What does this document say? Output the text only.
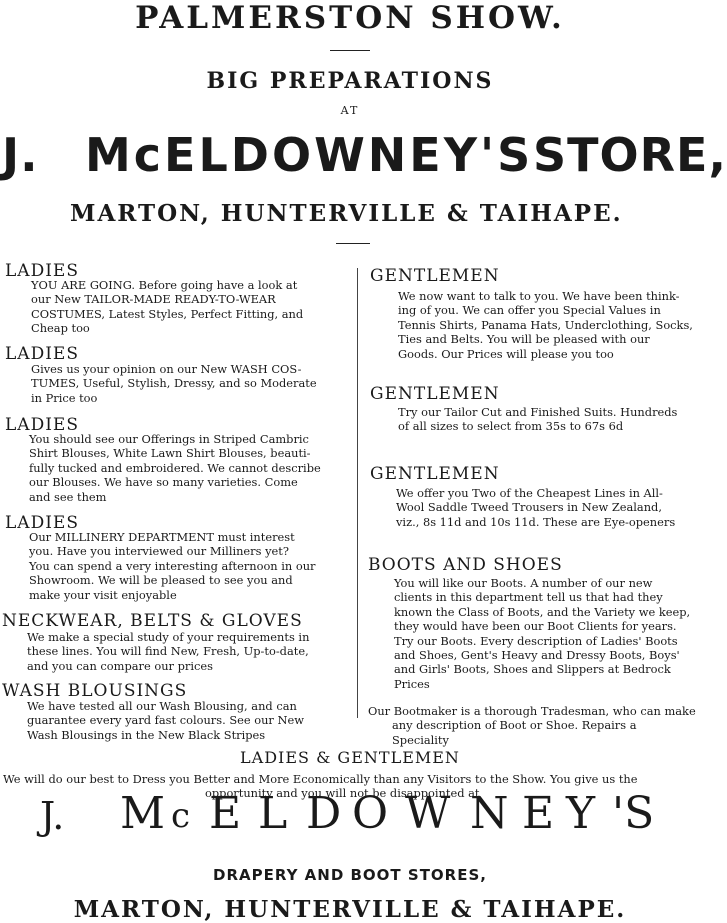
PALMERSTON SHOW.
BIG PREPARATIONS
AT
J. McELDOWNEY'S STORE,
MARTON, HUNTERVILLE & TAIHAPE.
LADIES
YOU ARE GOING. Before going have a look at
our New TAILOR-MADE READY-TO-WEAR
COSTUMES, Latest Styles, Perfect Fitting, and
Cheap too
LADIES
Gives us your opinion on our New WASH COS-
TUMES, Useful, Stylish, Dressy, and so Moderate
in Price too
LADIES
You should see our Offerings in Striped Cambric
Shirt Blouses, White Lawn Shirt Blouses, beauti-
fully tucked and embroidered. We cannot describe
our Blouses. We have so many varieties. Come
and see them
LADIES
Our MILLINERY DEPARTMENT must interest
you. Have you interviewed our Milliners yet?
You can spend a very interesting afternoon in our
Showroom. We will be pleased to see you and
make your visit enjoyable
NECKWEAR, BELTS & GLOVES
We make a special study of your requirements in
these lines. You will find New, Fresh, Up-to-date,
and you can compare our prices
WASH BLOUSINGS
We have tested all our Wash Blousing, and can
guarantee every yard fast colours. See our New
Wash Blousings in the New Black Stripes
GENTLEMEN
We now want to talk to you. We have been think-
ing of you. We can offer you Special Values in
Tennis Shirts, Panama Hats, Underclothing, Socks,
Ties and Belts. You will be pleased with our
Goods. Our Prices will please you too
GENTLEMEN
Try our Tailor Cut and Finished Suits. Hundreds
of all sizes to select from 35s to 67s 6d
GENTLEMEN
We offer you Two of the Cheapest Lines in All-
Wool Saddle Tweed Trousers in New Zealand,
viz., 8s 11d and 10s 11d. These are Eye-openers
BOOTS AND SHOES
You will like our Boots. A number of our new
clients in this department tell us that had they
known the Class of Boots, and the Variety we keep,
they would have been our Boot Clients for years.
Try our Boots. Every description of Ladies' Boots
and Shoes, Gent's Heavy and Dressy Boots, Boys'
and Girls' Boots, Shoes and Slippers at Bedrock
Prices
Our Bootmaker is a thorough Tradesman, who can make
any description of Boot or Shoe. Repairs a
Speciality
LADIES & GENTLEMEN
We will do our best to Dress you Better and More Economically than any Visitors to the Show. You give us the
opportunity and you will not be disappointed at
J. M c E L D O W N E Y 'S
DRAPERY AND BOOT STORES,
MARTON, HUNTERVILLE & TAIHAPE.
